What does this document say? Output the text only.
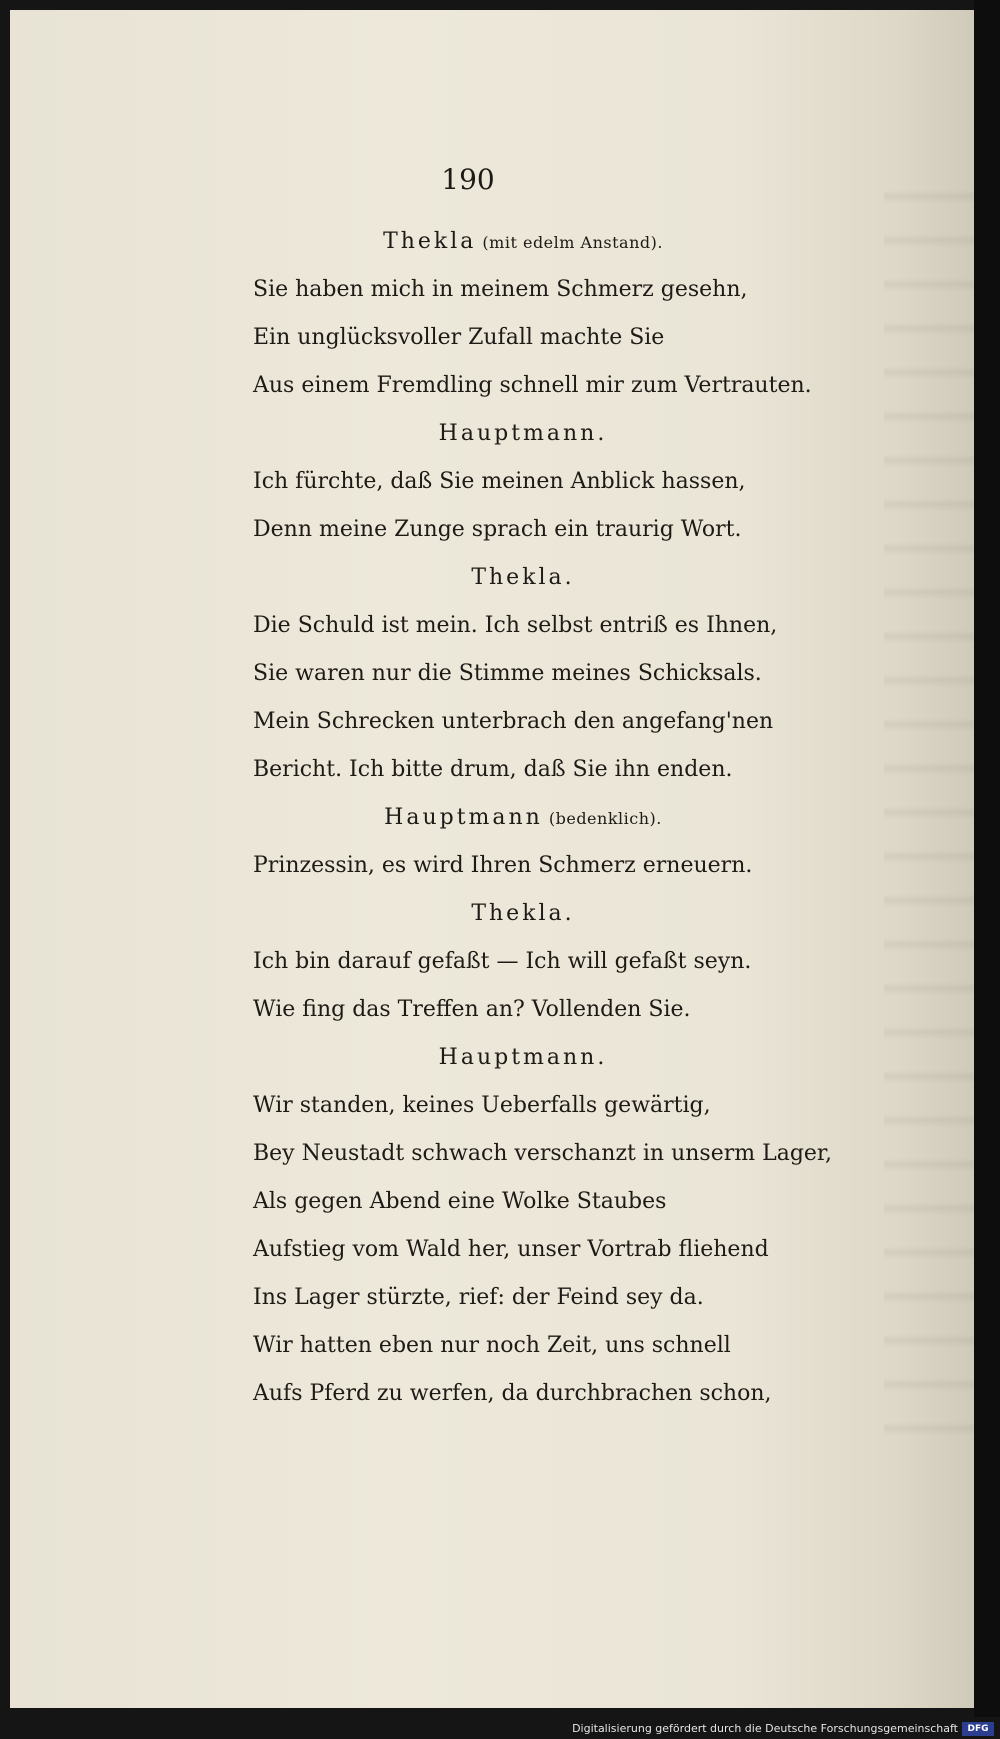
190
Thekla (mit edelm Anstand).
Sie haben mich in meinem Schmerz gesehn,
Ein unglücksvoller Zufall machte Sie
Aus einem Fremdling schnell mir zum Vertrauten.
Hauptmann.
Ich fürchte, daß Sie meinen Anblick hassen,
Denn meine Zunge sprach ein traurig Wort.
Thekla.
Die Schuld ist mein. Ich selbst entriß es Ihnen,
Sie waren nur die Stimme meines Schicksals.
Mein Schrecken unterbrach den angefang'nen
Bericht. Ich bitte drum, daß Sie ihn enden.
Hauptmann (bedenklich).
Prinzessin, es wird Ihren Schmerz erneuern.
Thekla.
Ich bin darauf gefaßt — Ich will gefaßt seyn.
Wie fing das Treffen an? Vollenden Sie.
Hauptmann.
Wir standen, keines Ueberfalls gewärtig,
Bey Neustadt schwach verschanzt in unserm Lager,
Als gegen Abend eine Wolke Staubes
Aufstieg vom Wald her, unser Vortrab fliehend
Ins Lager stürzte, rief: der Feind sey da.
Wir hatten eben nur noch Zeit, uns schnell
Aufs Pferd zu werfen, da durchbrachen schon,
Digitalisierung gefördert durch die Deutsche Forschungsgemeinschaft	DFG
